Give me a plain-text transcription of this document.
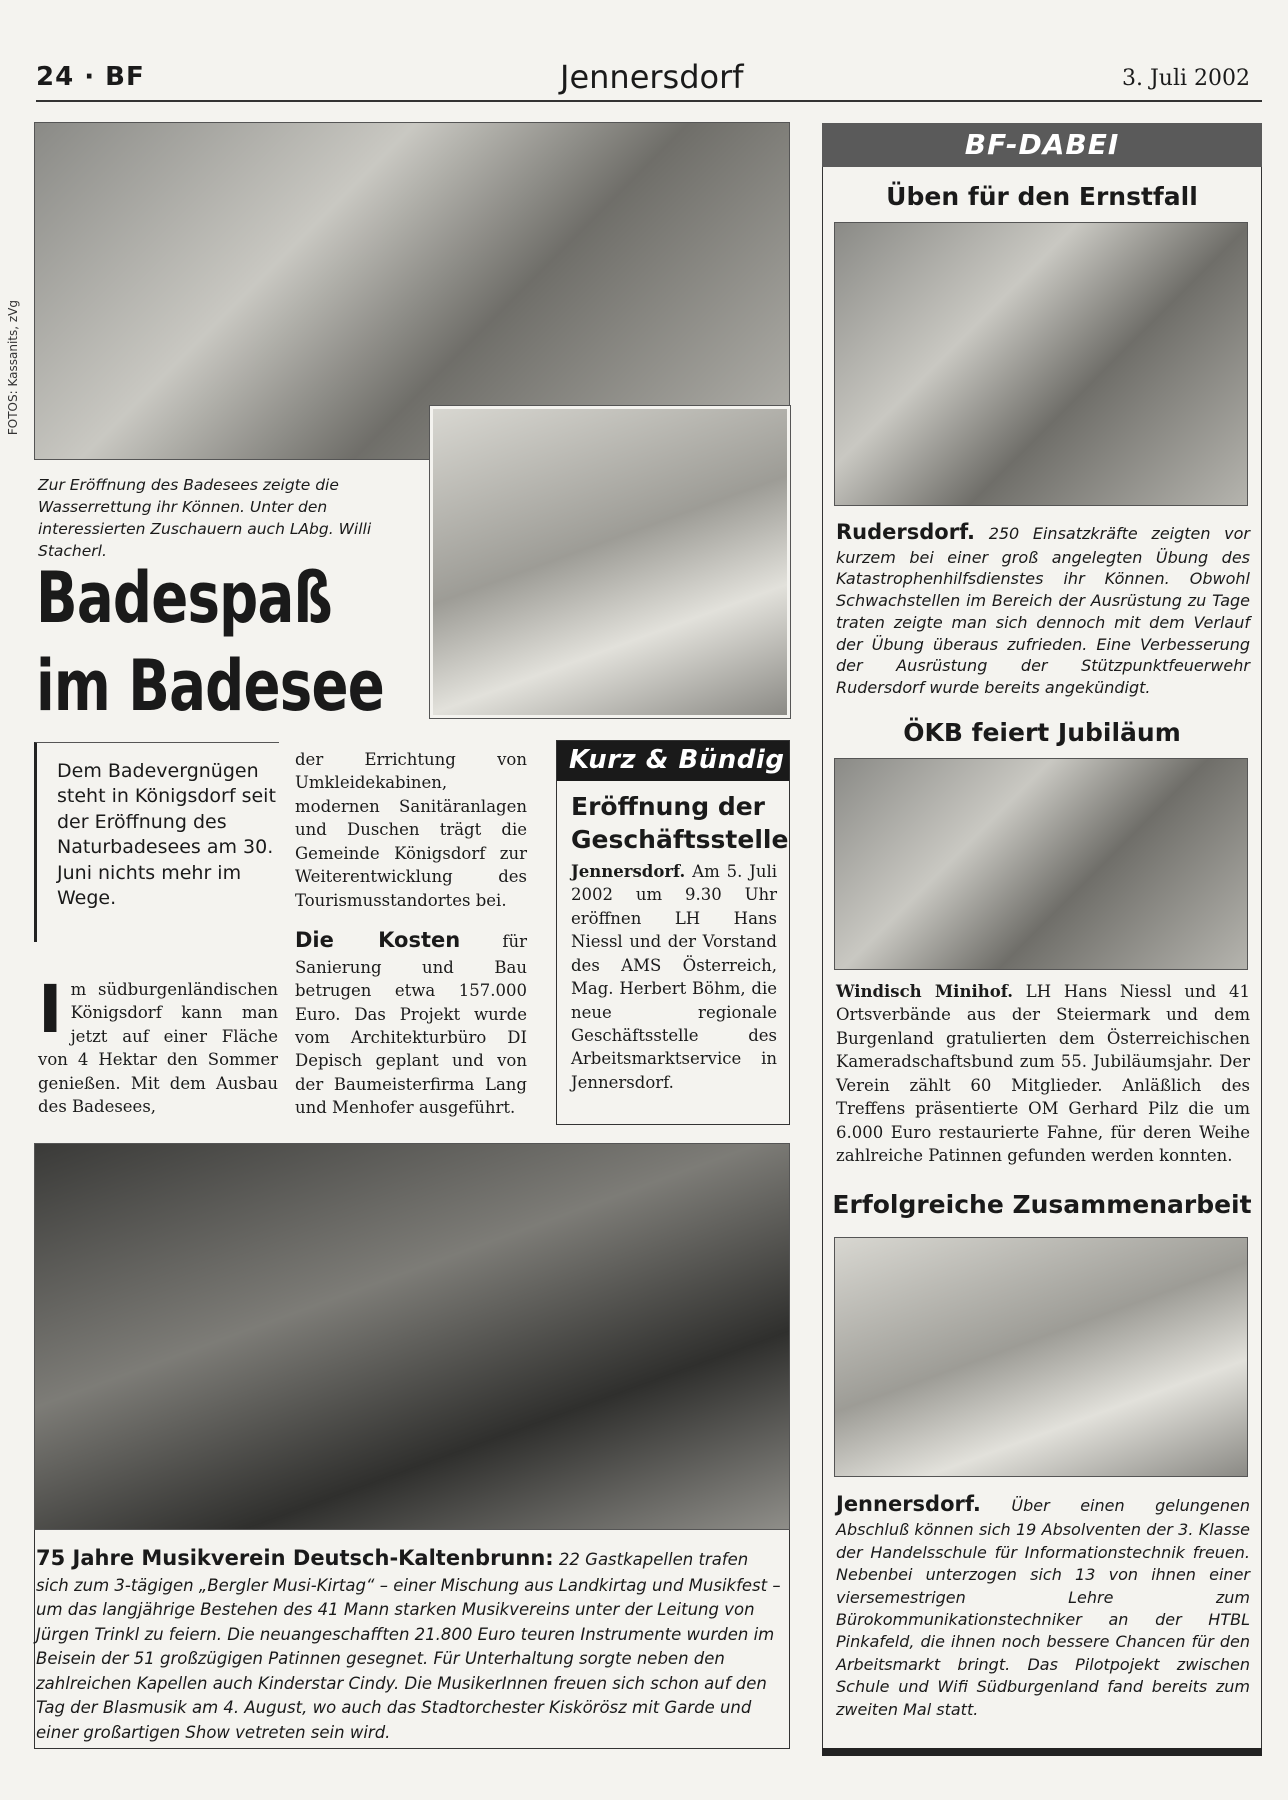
24 · BF	Jennersdorf	3. Juli 2002
FOTOS: Kassanits, zVg
Zur Eröffnung des Badesees zeigte die Wasserrettung ihr Können. Unter den interessierten Zuschauern auch LAbg. Willi Stacherl.
Badespaß
im Badesee
Dem Badevergnügen steht in Königsdorf seit der Eröffnung des Naturbadesees am 30. Juni nichts mehr im Wege.
Im südburgenländischen Königsdorf kann man jetzt auf einer Fläche von 4 Hektar den Sommer genießen. Mit dem Ausbau des Badesees,
der Errichtung von Umkleidekabinen, modernen Sanitäranlagen und Duschen trägt die Gemeinde Königsdorf zur Weiterentwicklung des Tourismusstandortes bei.
Die Kosten	für Sanierung und Bau betrugen etwa 157.000 Euro. Das Projekt wurde vom Architekturbüro DI Depisch geplant und von der Baumeisterfirma Lang und Menhofer ausgeführt.
Kurz & Bündig
Eröffnung der Geschäftsstelle
Jennersdorf. Am 5. Juli 2002 um 9.30 Uhr eröffnen LH Hans Niessl und der Vorstand des AMS Österreich, Mag. Herbert Böhm, die neue regionale Geschäftsstelle des Arbeitsmarktservice in Jennersdorf.
75 Jahre Musikverein Deutsch-Kaltenbrunn: 22 Gastkapellen trafen sich zum 3-tägigen „Bergler Musi-Kirtag“ – einer Mischung aus Landkirtag und Musikfest – um das langjährige Bestehen des 41 Mann starken Musikvereins unter der Leitung von Jürgen Trinkl zu feiern. Die neuangeschafften 21.800 Euro teuren Instrumente wurden im Beisein der 51 großzügigen Patinnen gesegnet. Für Unterhaltung sorgte neben den zahlreichen Kapellen auch Kinderstar Cindy. Die MusikerInnen freuen sich schon auf den Tag der Blasmusik am 4. August, wo auch das Stadtorchester Kiskörösz mit Garde und einer großartigen Show vetreten sein wird.
BF-DABEI
Üben für den Ernstfall
Rudersdorf. 250 Einsatzkräfte zeigten vor kurzem bei einer groß angelegten Übung des Katastrophenhilfsdienstes ihr Können. Obwohl Schwachstellen im Bereich der Ausrüstung zu Tage traten zeigte man sich dennoch mit dem Verlauf der Übung überaus zufrieden. Eine Verbesserung der Ausrüstung der Stützpunktfeuerwehr Rudersdorf wurde bereits angekündigt.
ÖKB feiert Jubiläum
Windisch Minihof. LH Hans Niessl und 41 Ortsverbände aus der Steiermark und dem Burgenland gratulierten dem Österreichischen Kameradschaftsbund zum 55. Jubiläumsjahr. Der Verein zählt 60 Mitglieder. Anläßlich des Treffens präsentierte OM Gerhard Pilz die um 6.000 Euro restaurierte Fahne, für deren Weihe zahlreiche Patinnen gefunden werden konnten.
Erfolgreiche Zusammenarbeit
Jennersdorf. Über einen gelungenen Abschluß können sich 19 Absolventen der 3. Klasse der Handelsschule für Informationstechnik freuen. Nebenbei unterzogen sich 13 von ihnen einer viersemestrigen Lehre zum Bürokommunikationstechniker an der HTBL Pinkafeld, die ihnen noch bessere Chancen für den Arbeitsmarkt bringt. Das Pilotpojekt zwischen Schule und Wifi Südburgenland fand bereits zum zweiten Mal statt.
